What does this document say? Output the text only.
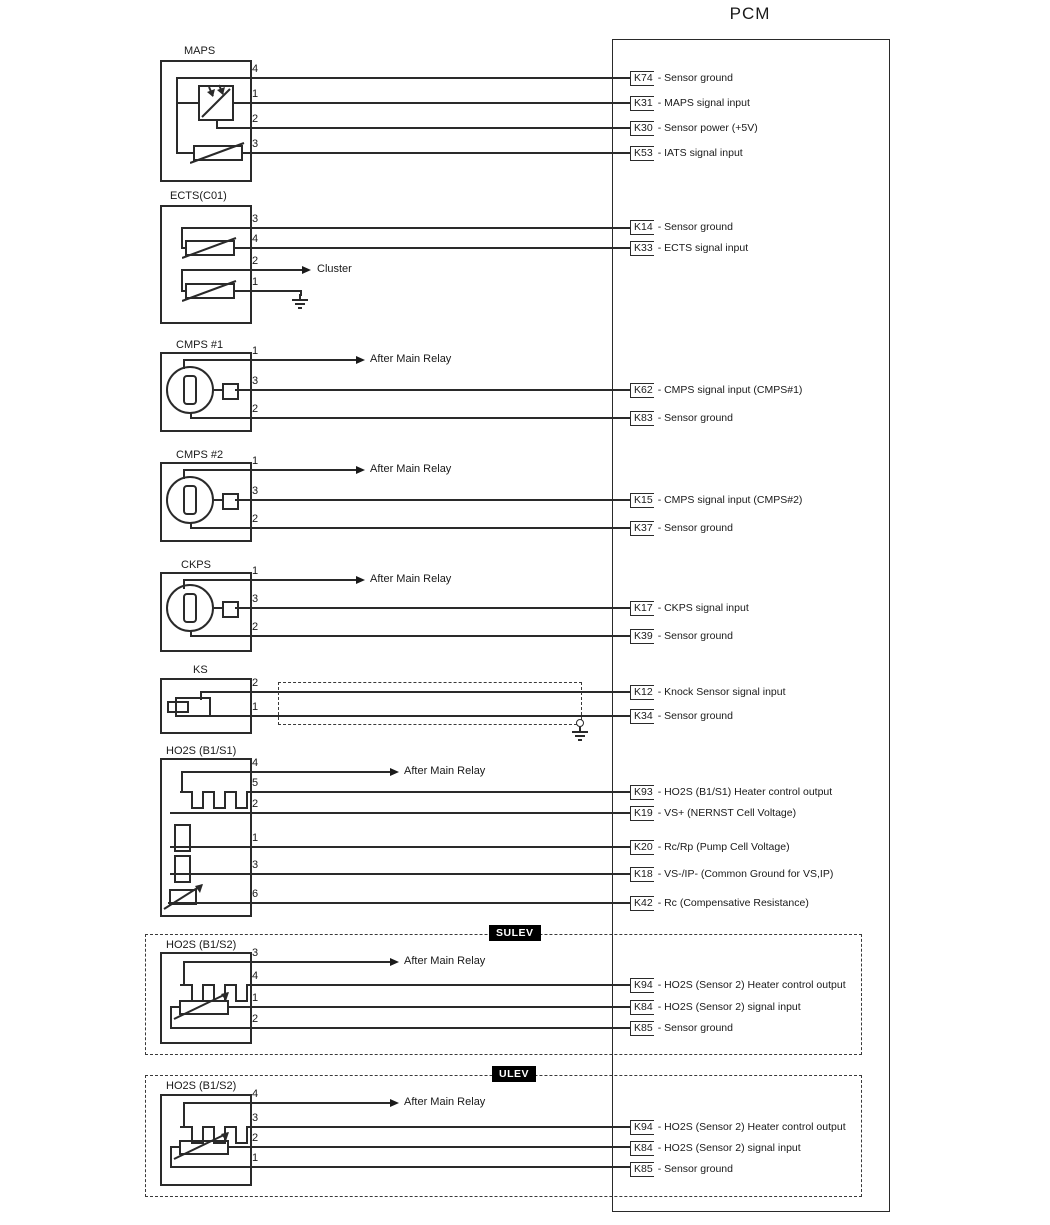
PCM
MAPS
4
1
2
3
K74 - Sensor ground
K31 - MAPS signal input
K30 - Sensor power (+5V)
K53 - IATS signal input
ECTS(C01)
Cluster
3
4
2
1
K14 - Sensor ground
K33 - ECTS signal input
CMPS #1
After Main Relay
1
3
2
K62 - CMPS signal input (CMPS#1)
K83 - Sensor ground
CMPS #2
After Main Relay
1
3
2
K15 - CMPS signal input (CMPS#2)
K37 - Sensor ground
CKPS
After Main Relay
1
3
2
K17 - CKPS signal input
K39 - Sensor ground
KS
2
1
K12 - Knock Sensor signal input
K34 - Sensor ground
HO2S (B1/S1)
After Main Relay
4
5
2
1
3
6
K93 - HO2S (B1/S1) Heater control output
K19 - VS+ (NERNST Cell Voltage)
K20 - Rc/Rp (Pump Cell Voltage)
K18 - VS-/IP- (Common Ground for VS,IP)
K42 - Rc (Compensative Resistance)
SULEV
HO2S (B1/S2)
After Main Relay
3
4
1
2
K94 - HO2S (Sensor 2) Heater control output
K84 - HO2S (Sensor 2) signal input
K85 - Sensor ground
ULEV
HO2S (B1/S2)
After Main Relay
4
3
2
1
K94 - HO2S (Sensor 2) Heater control output
K84 - HO2S (Sensor 2) signal input
K85 - Sensor ground
